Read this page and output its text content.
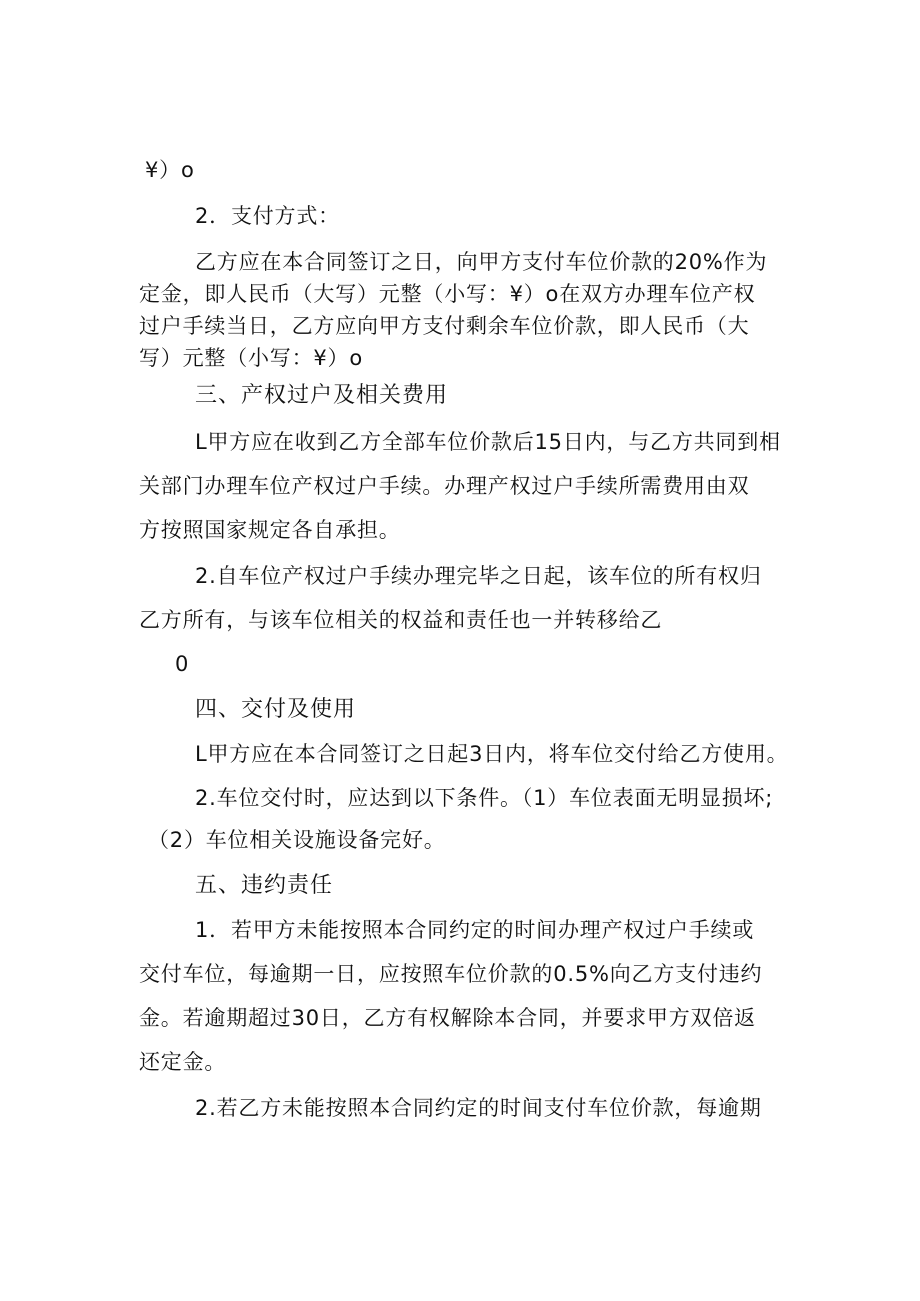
¥）o
2．支付方式：
乙方应在本合同签订之日，向甲方支付车位价款的20%作为
定金，即人民币（大写）元整（小写：¥）o在双方办理车位产权
过户手续当日，乙方应向甲方支付剩余车位价款，即人民币（大
写）元整（小写：¥）o
三、产权过户及相关费用
L甲方应在收到乙方全部车位价款后15日内，与乙方共同到相
关部门办理车位产权过户手续。办理产权过户手续所需费用由双
方按照国家规定各自承担。
2.自车位产权过户手续办理完毕之日起，该车位的所有权归
乙方所有，与该车位相关的权益和责任也一并转移给乙
0
四、交付及使用
L甲方应在本合同签订之日起3日内，将车位交付给乙方使用。
2.车位交付时，应达到以下条件。（1）车位表面无明显损坏;
（2）车位相关设施设备完好。
五、违约责任
1．若甲方未能按照本合同约定的时间办理产权过户手续或
交付车位，每逾期一日，应按照车位价款的0.5%向乙方支付违约
金。若逾期超过30日，乙方有权解除本合同，并要求甲方双倍返
还定金。
2.若乙方未能按照本合同约定的时间支付车位价款，每逾期
